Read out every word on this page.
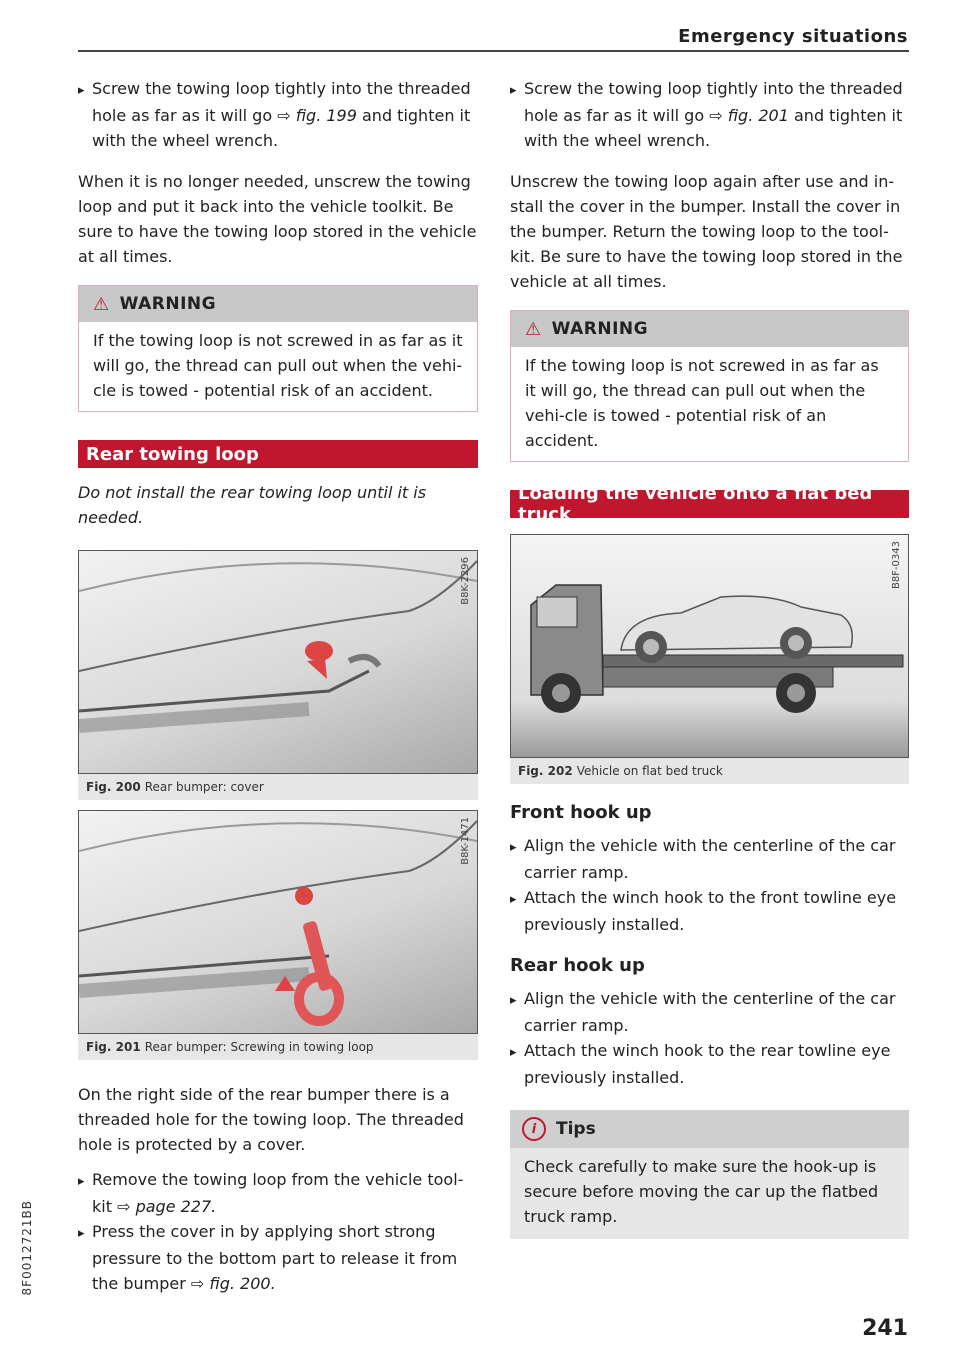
Emergency situations

▸ Screw the towing loop tightly into the threaded hole as far as it will go ⇨ fig. 199 and tighten it with the wheel wrench.

When it is no longer needed, unscrew the towing loop and put it back into the vehicle toolkit. Be sure to have the towing loop stored in the vehicle at all times.

⚠ WARNING
If the towing loop is not screwed in as far as it will go, the thread can pull out when the vehi-cle is towed - potential risk of an accident.
Rear towing loop

Do not install the rear towing loop until it is needed.

B8K-2296
Fig. 200 Rear bumper: cover
B8K-1471
Fig. 201 Rear bumper: Screwing in towing loop

On the right side of the rear bumper there is a threaded hole for the towing loop. The threaded hole is protected by a cover.

▸ Remove the towing loop from the vehicle tool-kit ⇨ page 227.

▸ Press the cover in by applying short strong pressure to the bottom part to release it from the bumper ⇨ fig. 200.

▸ Screw the towing loop tightly into the threaded hole as far as it will go ⇨ fig. 201 and tighten it with the wheel wrench.

Unscrew the towing loop again after use and in-stall the cover in the bumper. Install the cover in the bumper. Return the towing loop to the tool-kit. Be sure to have the towing loop stored in the vehicle at all times.

⚠ WARNING
If the towing loop is not screwed in as far as it will go, the thread can pull out when the vehi-cle is towed - potential risk of an accident.
Loading the vehicle onto a flat bed truck
B8F-0343
Fig. 202 Vehicle on flat bed truck
Front hook up

▸ Align the vehicle with the centerline of the car carrier ramp.

▸ Attach the winch hook to the front towline eye previously installed.

Rear hook up

▸ Align the vehicle with the centerline of the car carrier ramp.

▸ Attach the winch hook to the rear towline eye previously installed.

i	Tips
Check carefully to make sure the hook-up is secure before moving the car up the flatbed truck ramp.
241
8F0012721BB
